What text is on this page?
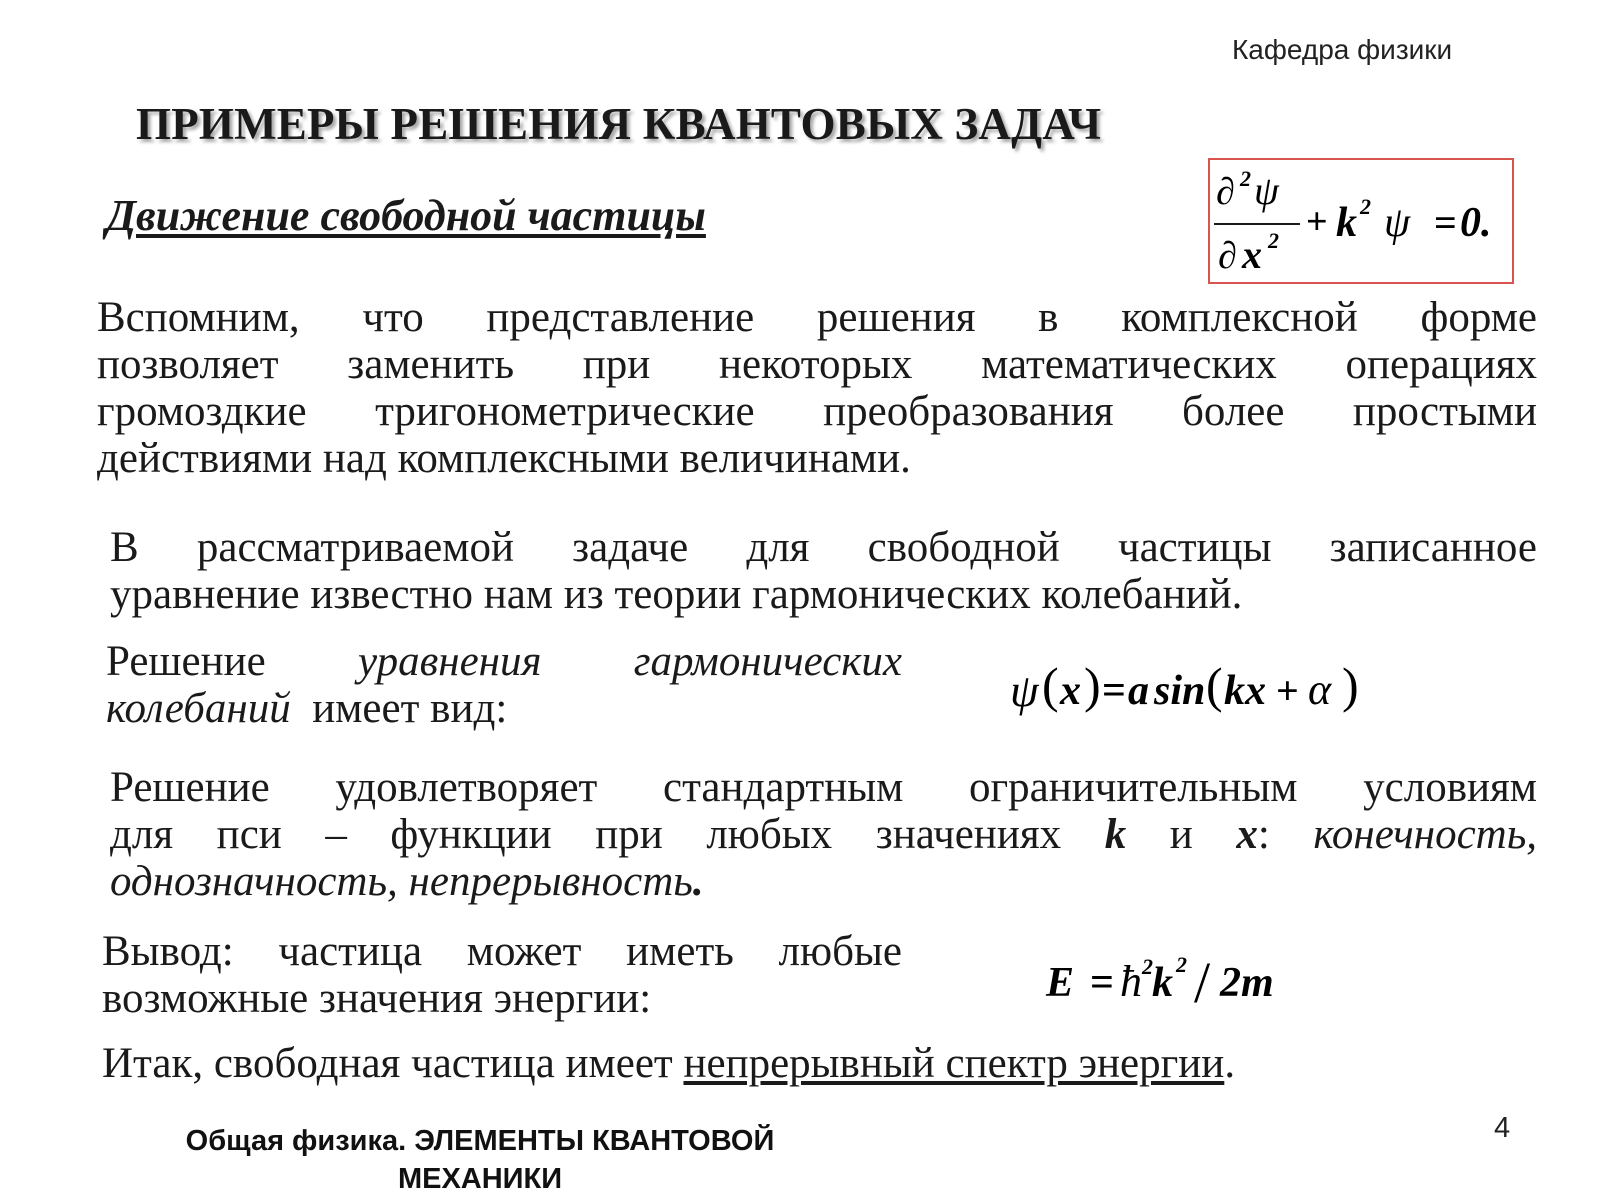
Кафедра физики
ПРИМЕРЫ РЕШЕНИЯ КВАНТОВЫХ ЗАДАЧ
Движение свободной частицы	∂ 2 ψ
∂ x 2 + k 2 ψ = 0.
Вспомним, что представление решения в комплексной форме
позволяет заменить при некоторых математических операциях
громоздкие тригонометрические преобразования более простыми
действиями над комплексными величинами.
В рассматриваемой задаче для свободной частицы записанное
уравнение известно нам из теории гармонических колебаний.
Решение уравнения гармонических
колебаний имеет вид:	ψ ( x ) = a sin ( kx + α )
Решение удовлетворяет стандартным ограничительным условиям
для пси – функции при любых значениях k и x: конечность,
однозначность, непрерывность.
Вывод: частица может иметь любые
возможные значения энергии:	E = ħ 2 k 2 / 2m
Итак, свободная частица имеет непрерывный спектр энергии.
Общая физика. ЭЛЕМЕНТЫ КВАНТОВОЙ
МЕХАНИКИ
4
